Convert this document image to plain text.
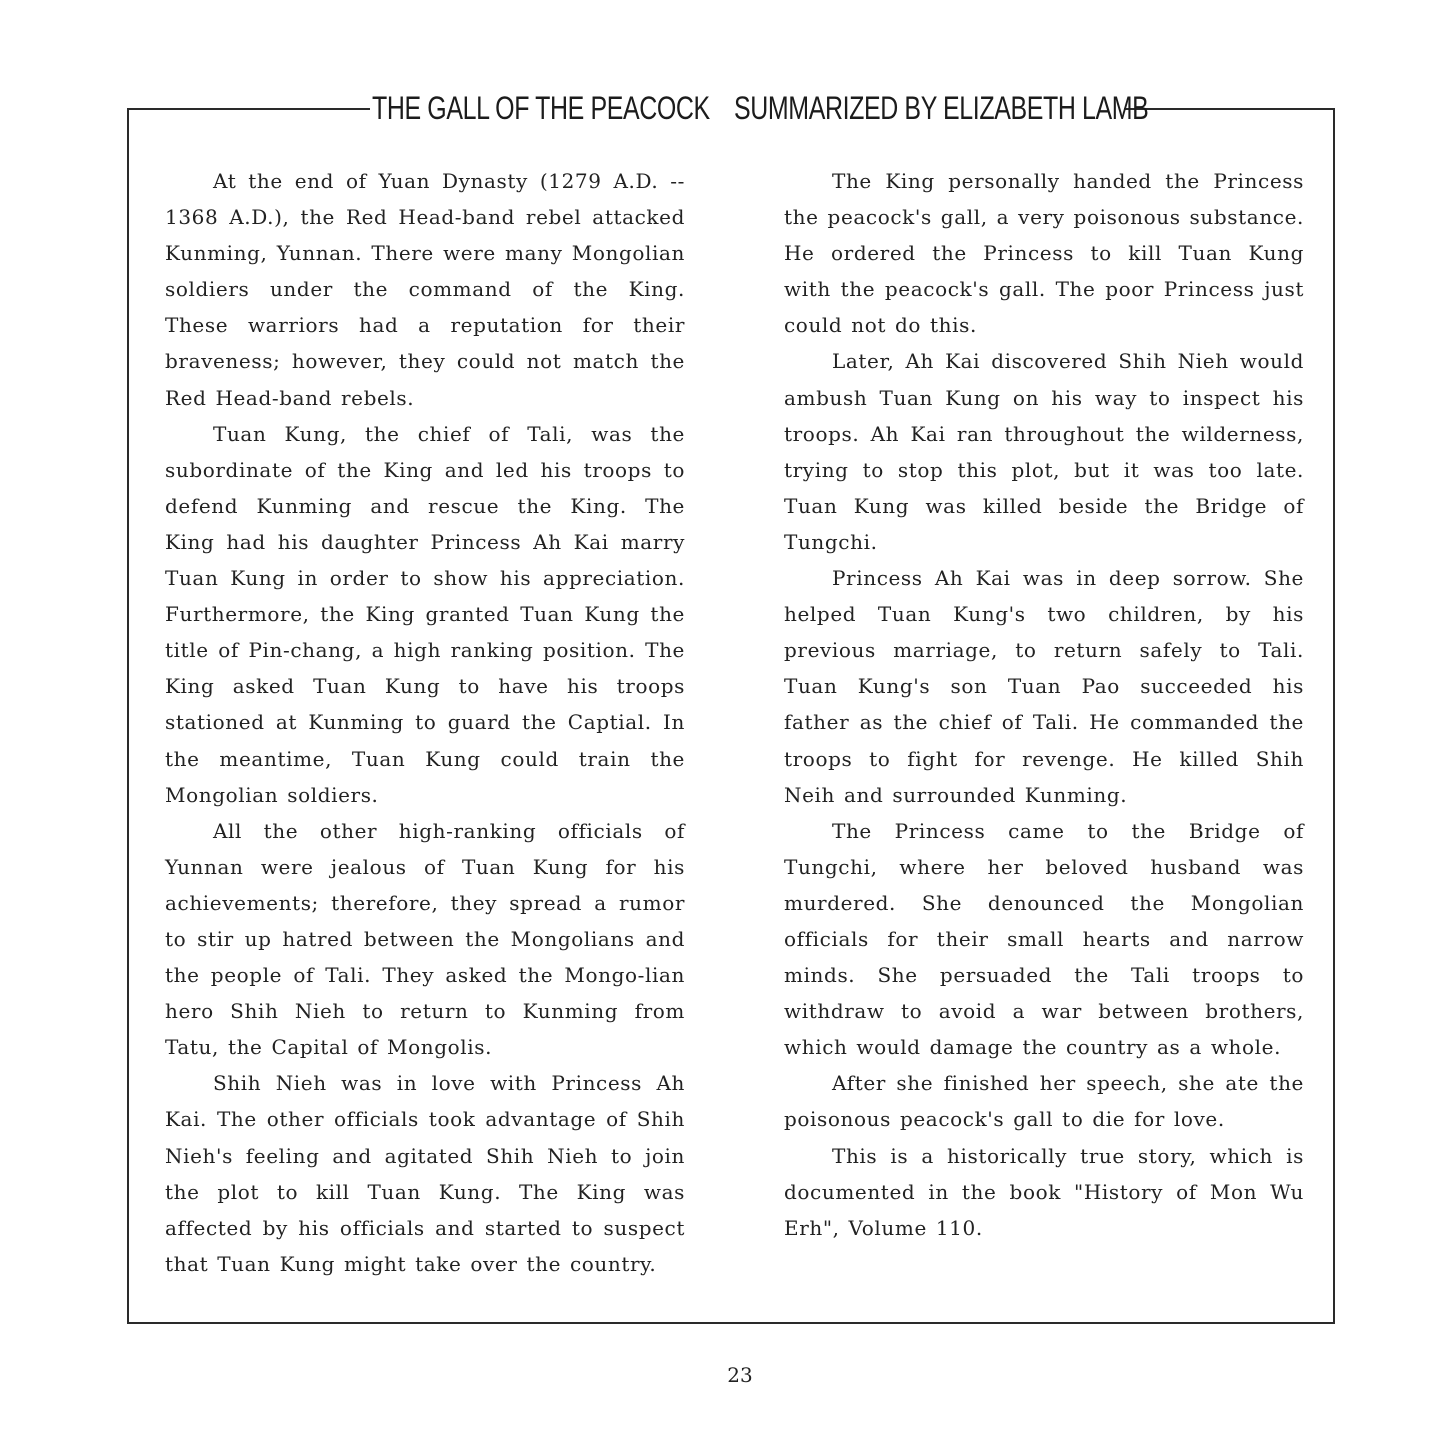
THE GALL OF THE PEACOCK SUMMARIZED BY ELIZABETH LAMB

At the end of Yuan Dynasty (1279 A.D. -- 1368 A.D.), the Red Head-band rebel attacked Kunming, Yunnan. There were many Mongolian soldiers under the command of the King. These warriors had a reputation for their braveness; however, they could not match the Red Head-band rebels.

Tuan Kung, the chief of Tali, was the subordinate of the King and led his troops to defend Kunming and rescue the King. The King had his daughter Princess Ah Kai marry Tuan Kung in order to show his appreciation. Furthermore, the King granted Tuan Kung the title of Pin-chang, a high ranking position. The King asked Tuan Kung to have his troops stationed at Kunming to guard the Captial. In the meantime, Tuan Kung could train the Mongolian soldiers.

All the other high-ranking officials of Yunnan were jealous of Tuan Kung for his achievements; therefore, they spread a rumor to stir up hatred between the Mongolians and the people of Tali. They asked the Mongo-lian hero Shih Nieh to return to Kunming from Tatu, the Capital of Mongolis.

Shih Nieh was in love with Princess Ah Kai. The other officials took advantage of Shih Nieh's feeling and agitated Shih Nieh to join the plot to kill Tuan Kung. The King was affected by his officials and started to suspect that Tuan Kung might take over the country.

The King personally handed the Princess the peacock's gall, a very poisonous substance. He ordered the Princess to kill Tuan Kung with the peacock's gall. The poor Princess just could not do this.

Later, Ah Kai discovered Shih Nieh would ambush Tuan Kung on his way to inspect his troops. Ah Kai ran throughout the wilderness, trying to stop this plot, but it was too late. Tuan Kung was killed beside the Bridge of Tungchi.

Princess Ah Kai was in deep sorrow. She helped Tuan Kung's two children, by his previous marriage, to return safely to Tali. Tuan Kung's son Tuan Pao succeeded his father as the chief of Tali. He commanded the troops to fight for revenge. He killed Shih Neih and surrounded Kunming.

The Princess came to the Bridge of Tungchi, where her beloved husband was murdered. She denounced the Mongolian officials for their small hearts and narrow minds. She persuaded the Tali troops to withdraw to avoid a war between brothers, which would damage the country as a whole.

After she finished her speech, she ate the poisonous peacock's gall to die for love.

This is a historically true story, which is documented in the book "History of Mon Wu Erh", Volume 110.

23
